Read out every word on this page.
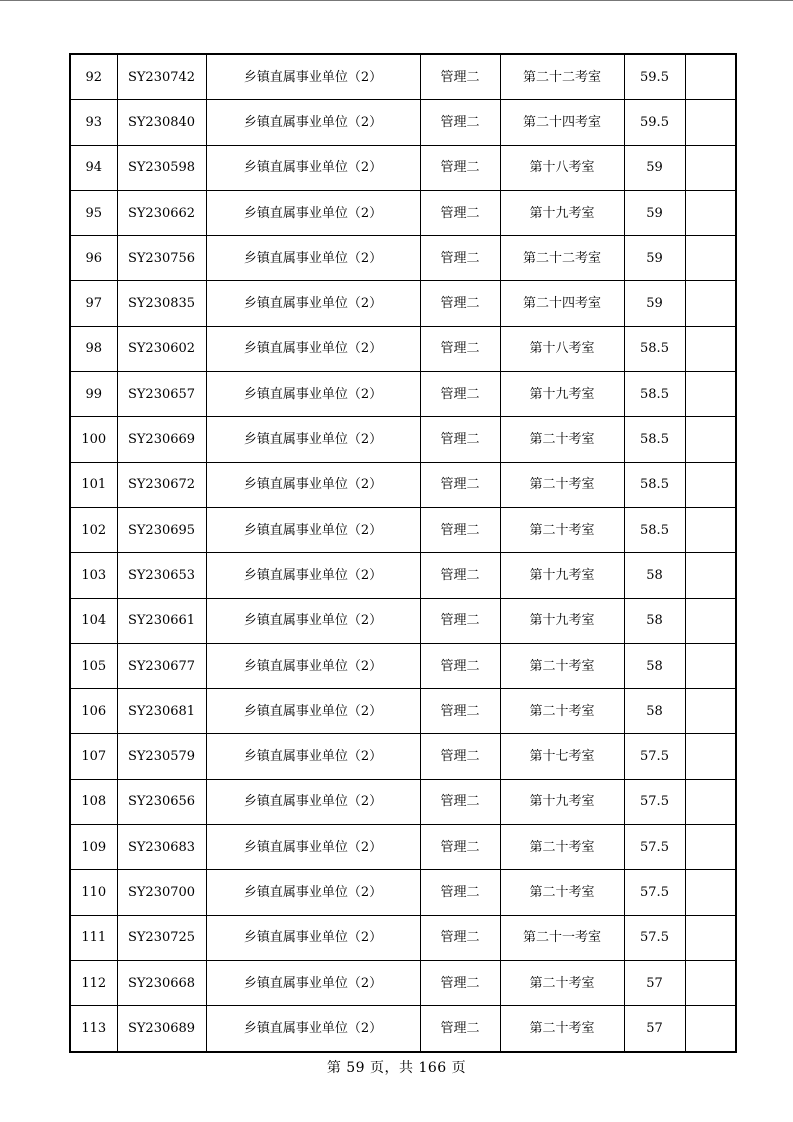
92	SY230742	乡镇直属事业单位（2）	管理二	第二十二考室	59.5	
93	SY230840	乡镇直属事业单位（2）	管理二	第二十四考室	59.5	
94	SY230598	乡镇直属事业单位（2）	管理二	第十八考室	59	
95	SY230662	乡镇直属事业单位（2）	管理二	第十九考室	59	
96	SY230756	乡镇直属事业单位（2）	管理二	第二十二考室	59	
97	SY230835	乡镇直属事业单位（2）	管理二	第二十四考室	59	
98	SY230602	乡镇直属事业单位（2）	管理二	第十八考室	58.5	
99	SY230657	乡镇直属事业单位（2）	管理二	第十九考室	58.5	
100	SY230669	乡镇直属事业单位（2）	管理二	第二十考室	58.5	
101	SY230672	乡镇直属事业单位（2）	管理二	第二十考室	58.5	
102	SY230695	乡镇直属事业单位（2）	管理二	第二十考室	58.5	
103	SY230653	乡镇直属事业单位（2）	管理二	第十九考室	58	
104	SY230661	乡镇直属事业单位（2）	管理二	第十九考室	58	
105	SY230677	乡镇直属事业单位（2）	管理二	第二十考室	58	
106	SY230681	乡镇直属事业单位（2）	管理二	第二十考室	58	
107	SY230579	乡镇直属事业单位（2）	管理二	第十七考室	57.5	
108	SY230656	乡镇直属事业单位（2）	管理二	第十九考室	57.5	
109	SY230683	乡镇直属事业单位（2）	管理二	第二十考室	57.5	
110	SY230700	乡镇直属事业单位（2）	管理二	第二十考室	57.5	
111	SY230725	乡镇直属事业单位（2）	管理二	第二十一考室	57.5	
112	SY230668	乡镇直属事业单位（2）	管理二	第二十考室	57	
113	SY230689	乡镇直属事业单位（2）	管理二	第二十考室	57	
第 59 页，共 166 页
